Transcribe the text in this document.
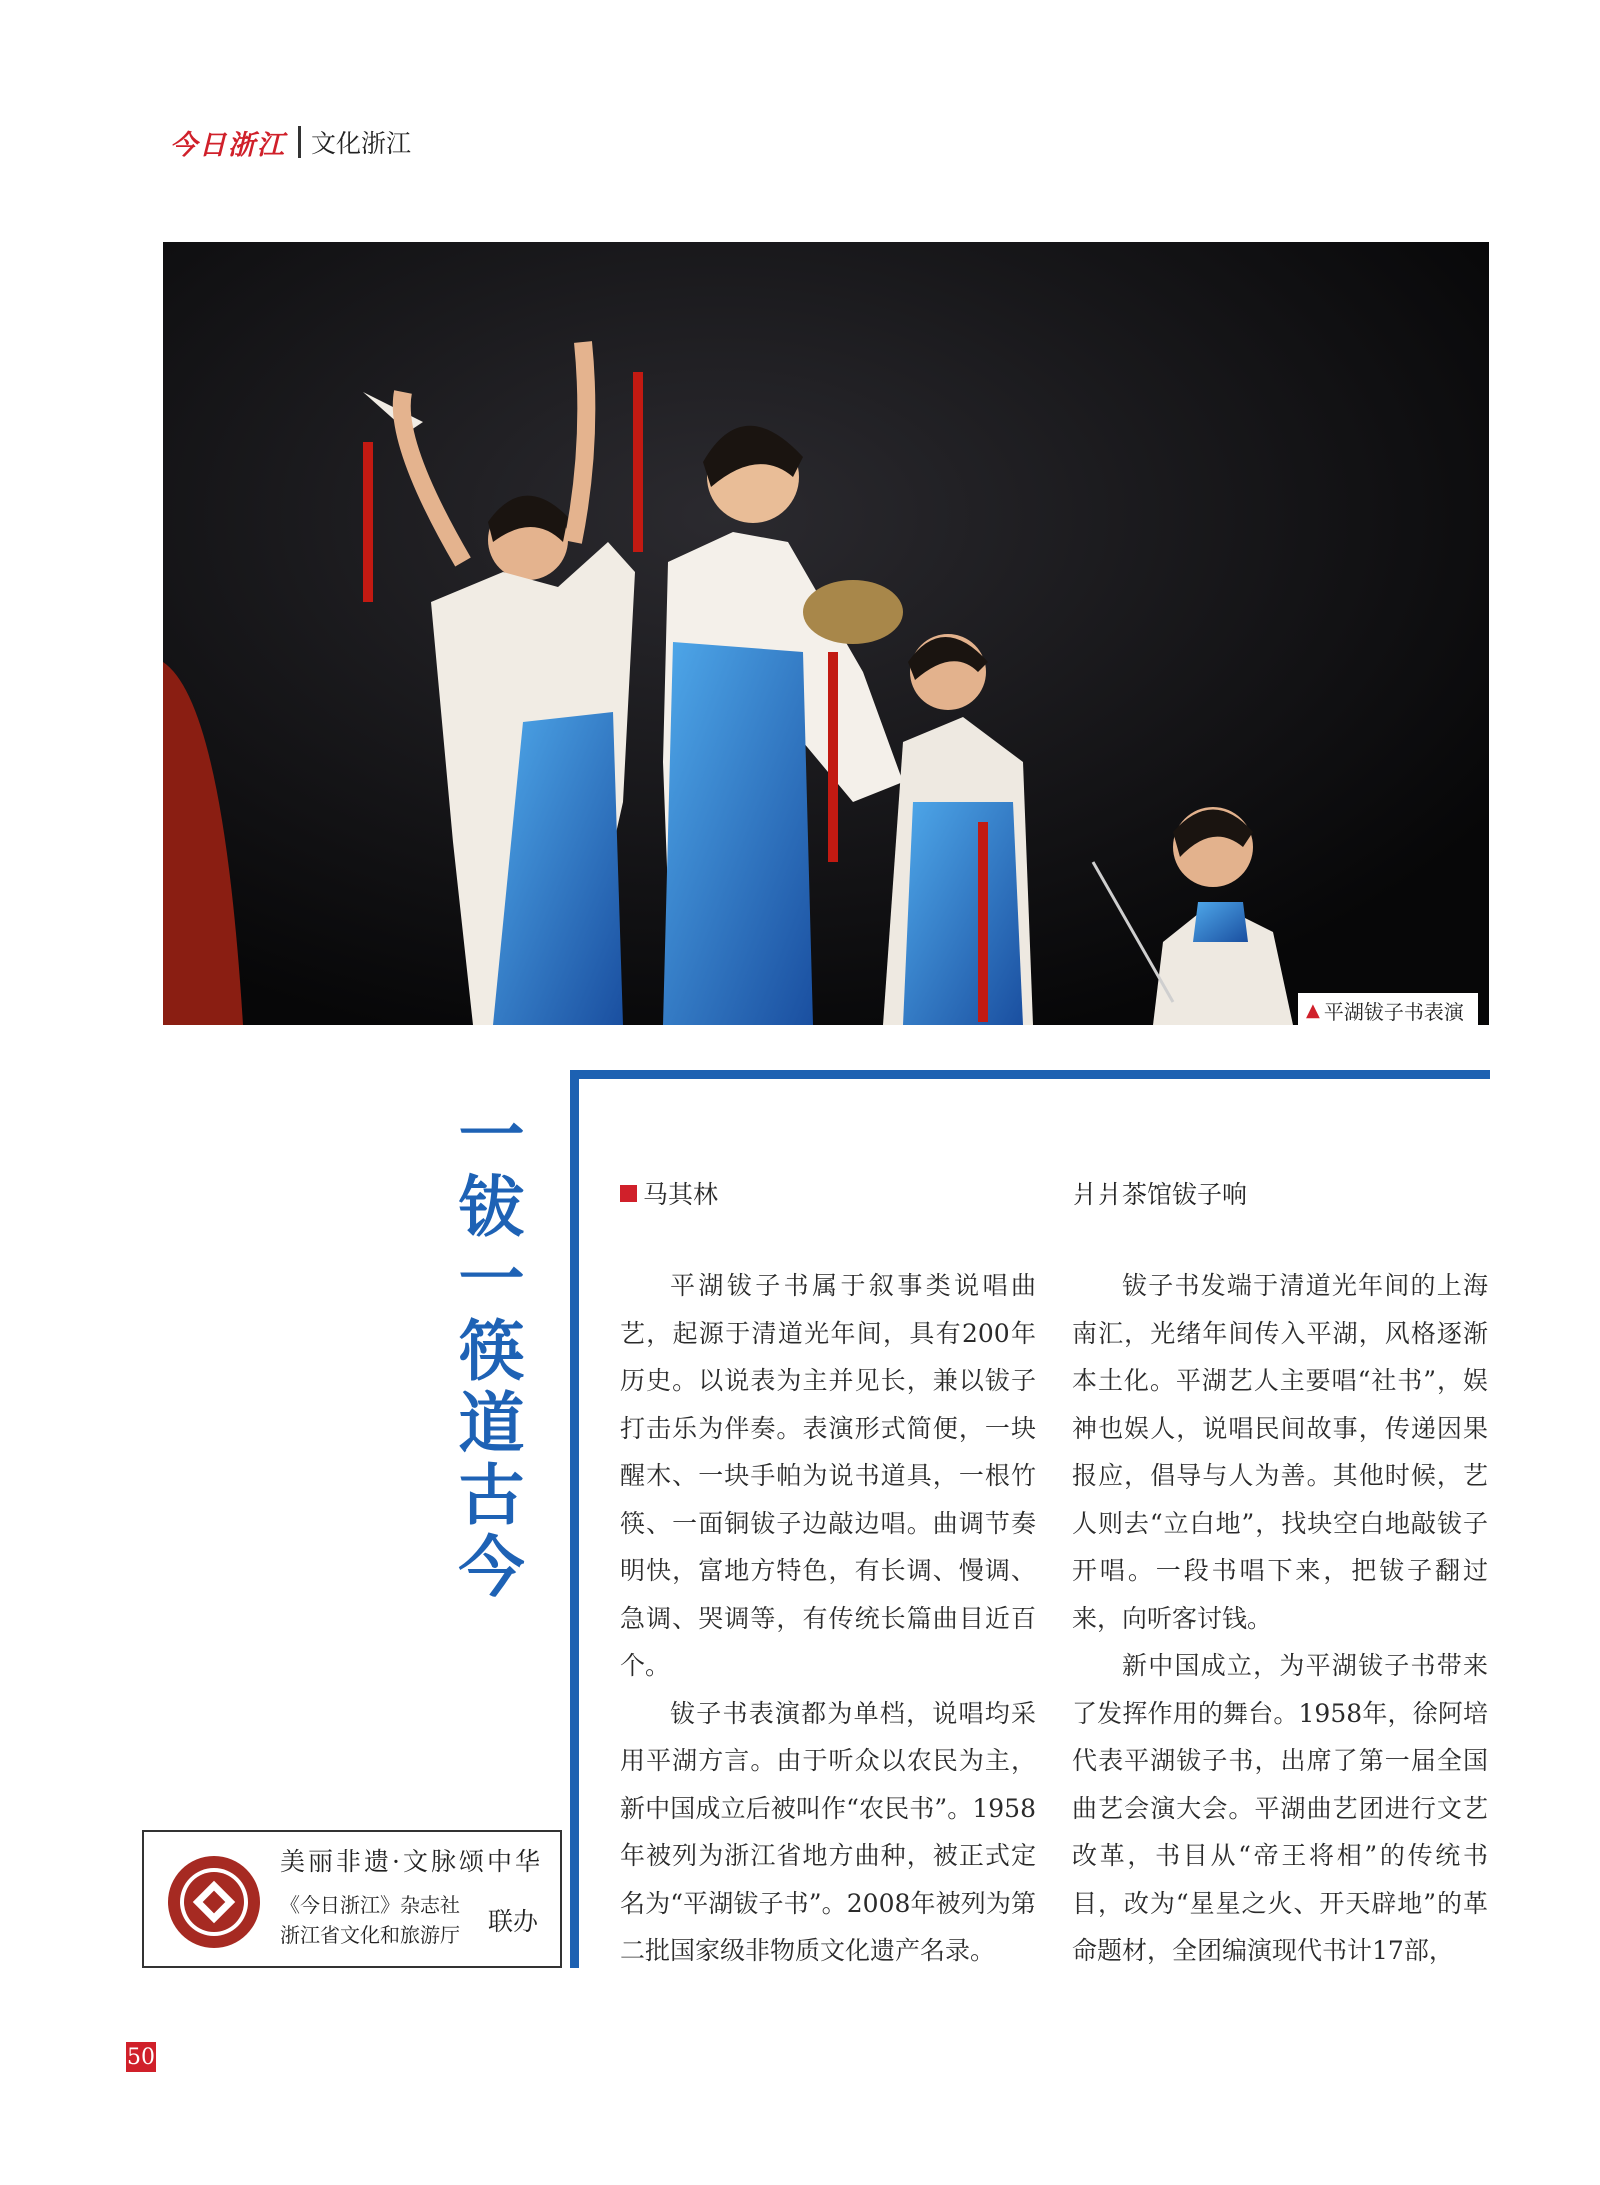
今日浙江 文化浙江
▲ 平湖钹子书表演
一钹一筷道古今	马其林	爿爿茶馆钹子响

平湖钹子书属于叙事类说唱曲艺，起源于清道光年间，具有200年历史。以说表为主并见长，兼以钹子打击乐为伴奏。表演形式简便，一块醒木、一块手帕为说书道具，一根竹筷、一面铜钹子边敲边唱。曲调节奏明快，富地方特色，有长调、慢调、急调、哭调等，有传统长篇曲目近百个。

钹子书表演都为单档，说唱均采用平湖方言。由于听众以农民为主，新中国成立后被叫作“农民书”。1958年被列为浙江省地方曲种，被正式定名为“平湖钹子书”。2008年被列为第二批国家级非物质文化遗产名录。

钹子书发端于清道光年间的上海南汇，光绪年间传入平湖，风格逐渐本土化。平湖艺人主要唱“社书”，娱神也娱人，说唱民间故事，传递因果报应，倡导与人为善。其他时候，艺人则去“立白地”，找块空白地敲钹子开唱。一段书唱下来，把钹子翻过来，向听客讨钱。

新中国成立，为平湖钹子书带来了发挥作用的舞台。1958年，徐阿培代表平湖钹子书，出席了第一届全国曲艺会演大会。平湖曲艺团进行文艺改革，书目从“帝王将相”的传统书目，改为“星星之火、开天辟地”的革命题材，全团编演现代书计17部，

美丽非遗·文脉颂中华
《今日浙江》杂志社
浙江省文化和旅游厅 联办
50
